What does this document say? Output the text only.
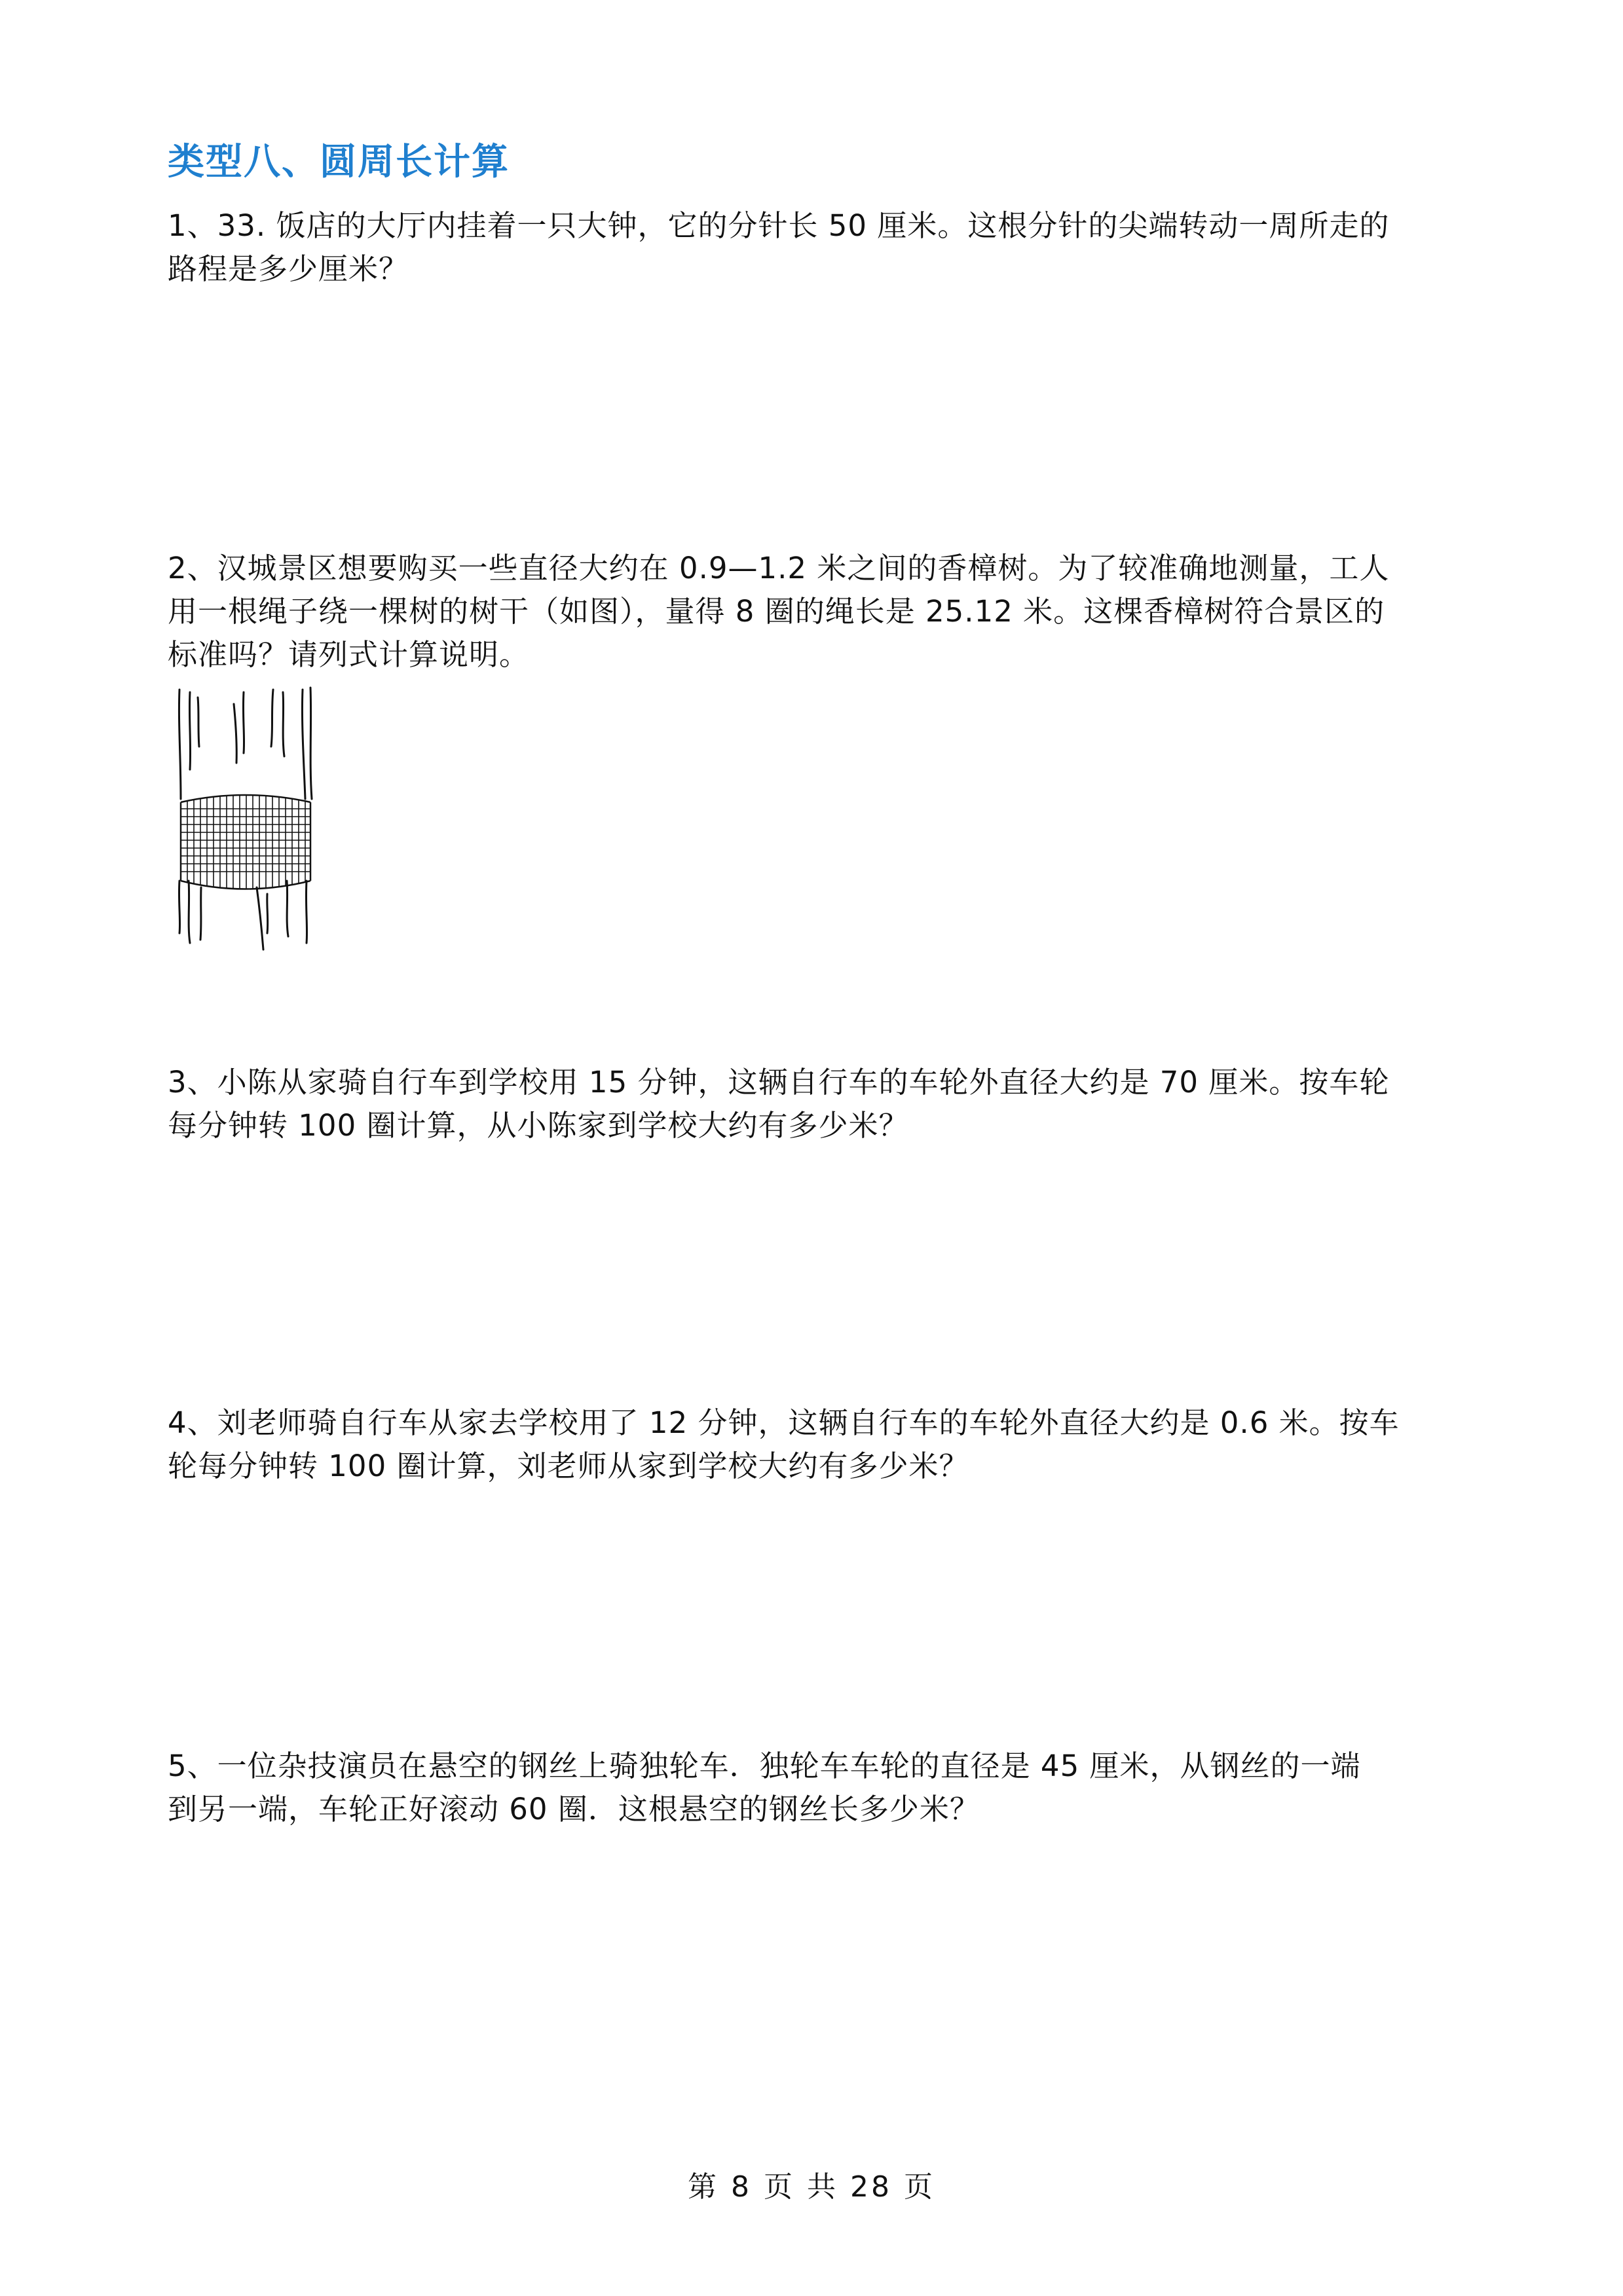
类型八、圆周长计算
1、33. 饭店的大厅内挂着一只大钟，它的分针长 50 厘米。这根分针的尖端转动一周所走的
路程是多少厘米？
2、汉城景区想要购买一些直径大约在 0.9—1.2 米之间的香樟树。为了较准确地测量，工人
用一根绳子绕一棵树的树干（如图），量得 8 圈的绳长是 25.12 米。这棵香樟树符合景区的
标准吗？请列式计算说明。
3、小陈从家骑自行车到学校用 15 分钟，这辆自行车的车轮外直径大约是 70 厘米。按车轮
每分钟转 100 圈计算，从小陈家到学校大约有多少米？
4、刘老师骑自行车从家去学校用了 12 分钟，这辆自行车的车轮外直径大约是 0.6 米。按车
轮每分钟转 100 圈计算，刘老师从家到学校大约有多少米？
5、一位杂技演员在悬空的钢丝上骑独轮车．独轮车车轮的直径是 45 厘米，从钢丝的一端
到另一端，车轮正好滚动 60 圈．这根悬空的钢丝长多少米？
第 8 页 共 28 页
